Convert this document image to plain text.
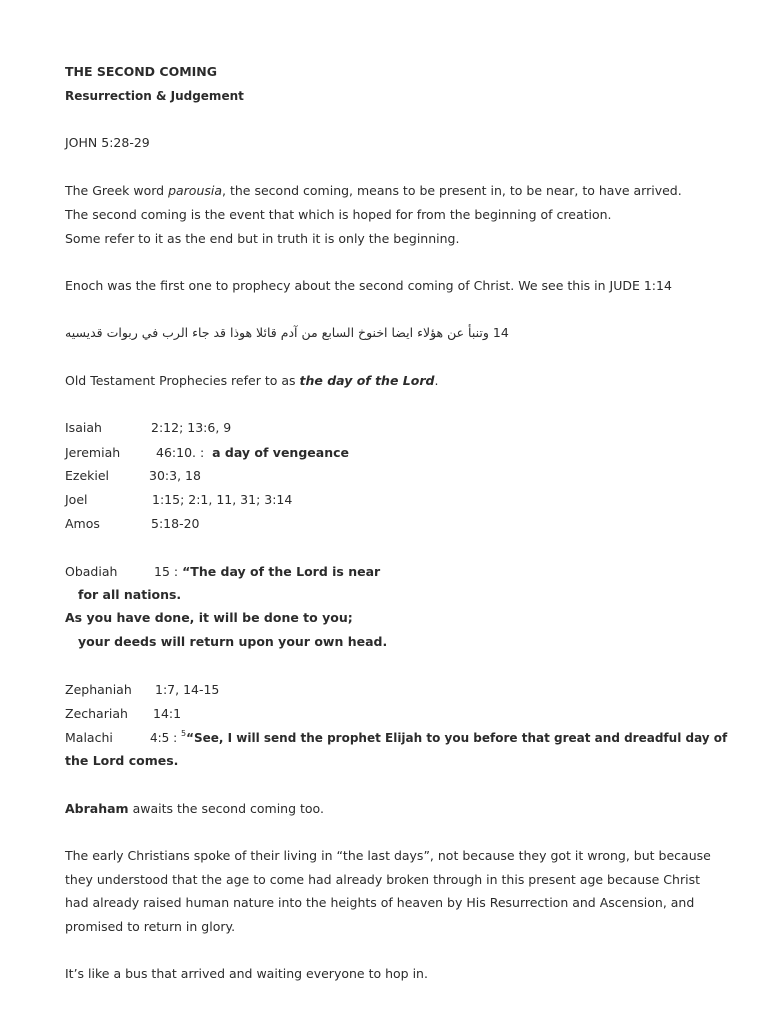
THE SECOND COMING
Resurrection & Judgement
JOHN 5:28-29
The Greek word parousia, the second coming, means to be present in, to be near, to have arrived.
The second coming is the event that which is hoped for from the beginning of creation.
Some refer to it as the end but in truth it is only the beginning.
Enoch was the first one to prophecy about the second coming of Christ. We see this in JUDE 1:14
14 وتنبأ عن هؤلاء ايضا اخنوخ السابع من آدم قائلا هوذا قد جاء الرب في ربوات قديسيه
Old Testament Prophecies refer to as the day of the Lord.
Isaiah	2:12; 13:6, 9
Jeremiah	46:10. : a day of vengeance
Ezekiel	30:3, 18
Joel	1:15; 2:1, 11, 31; 3:14
Amos	5:18-20
Obadiah	15 : “The day of the Lord is near
for all nations.
As you have done, it will be done to you;
your deeds will return upon your own head.
Zephaniah 1:7, 14-15
Zechariah 14:1
Malachi	4:5 : $^5$“See, I will send the prophet Elijah to you before that great and dreadful day of
the Lord comes.
Abraham awaits the second coming too.
The early Christians spoke of their living in “the last days”, not because they got it wrong, but because
they understood that the age to come had already broken through in this present age because Christ
had already raised human nature into the heights of heaven by His Resurrection and Ascension, and
promised to return in glory.
It’s like a bus that arrived and waiting everyone to hop in.
